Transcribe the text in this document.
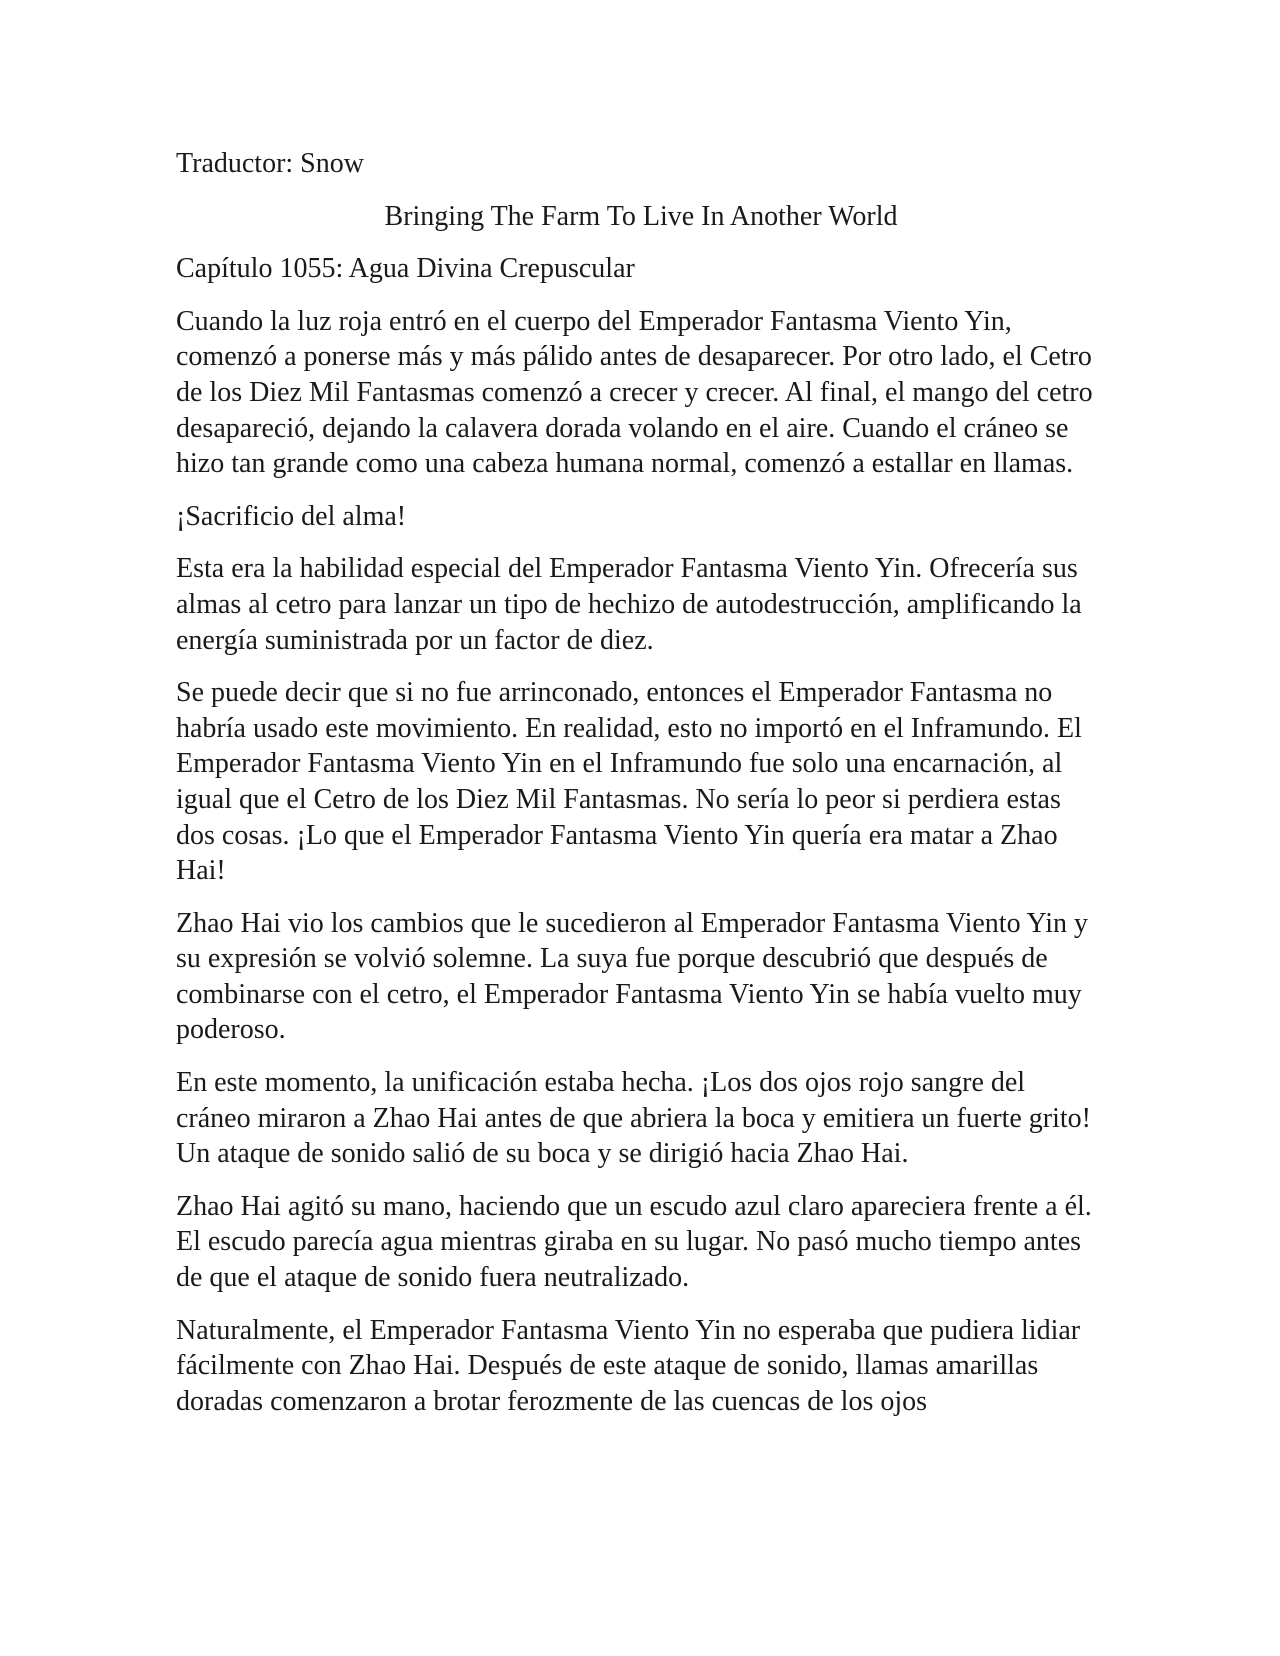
Traductor: Snow
Bringing The Farm To Live In Another World
Capítulo 1055: Agua Divina Crepuscular

Cuando la luz roja entró en el cuerpo del Emperador Fantasma Viento Yin, comenzó a ponerse más y más pálido antes de desaparecer. Por otro lado, el Cetro de los Diez Mil Fantasmas comenzó a crecer y crecer. Al final, el mango del cetro desapareció, dejando la calavera dorada volando en el aire. Cuando el cráneo se hizo tan grande como una cabeza humana normal, comenzó a estallar en llamas.

¡Sacrificio del alma!

Esta era la habilidad especial del Emperador Fantasma Viento Yin. Ofrecería sus almas al cetro para lanzar un tipo de hechizo de autodestrucción, amplificando la energía suministrada por un factor de diez.

Se puede decir que si no fue arrinconado, entonces el Emperador Fantasma no habría usado este movimiento. En realidad, esto no importó en el Inframundo. El Emperador Fantasma Viento Yin en el Inframundo fue solo una encarnación, al igual que el Cetro de los Diez Mil Fantasmas. No sería lo peor si perdiera estas dos cosas. ¡Lo que el Emperador Fantasma Viento Yin quería era matar a Zhao Hai!

Zhao Hai vio los cambios que le sucedieron al Emperador Fantasma Viento Yin y su expresión se volvió solemne. La suya fue porque descubrió que después de combinarse con el cetro, el Emperador Fantasma Viento Yin se había vuelto muy poderoso.

En este momento, la unificación estaba hecha. ¡Los dos ojos rojo sangre del cráneo miraron a Zhao Hai antes de que abriera la boca y emitiera un fuerte grito! Un ataque de sonido salió de su boca y se dirigió hacia Zhao Hai.

Zhao Hai agitó su mano, haciendo que un escudo azul claro apareciera frente a él. El escudo parecía agua mientras giraba en su lugar. No pasó mucho tiempo antes de que el ataque de sonido fuera neutralizado.

Naturalmente, el Emperador Fantasma Viento Yin no esperaba que pudiera lidiar fácilmente con Zhao Hai. Después de este ataque de sonido, llamas amarillas doradas comenzaron a brotar ferozmente de las cuencas de los ojos
